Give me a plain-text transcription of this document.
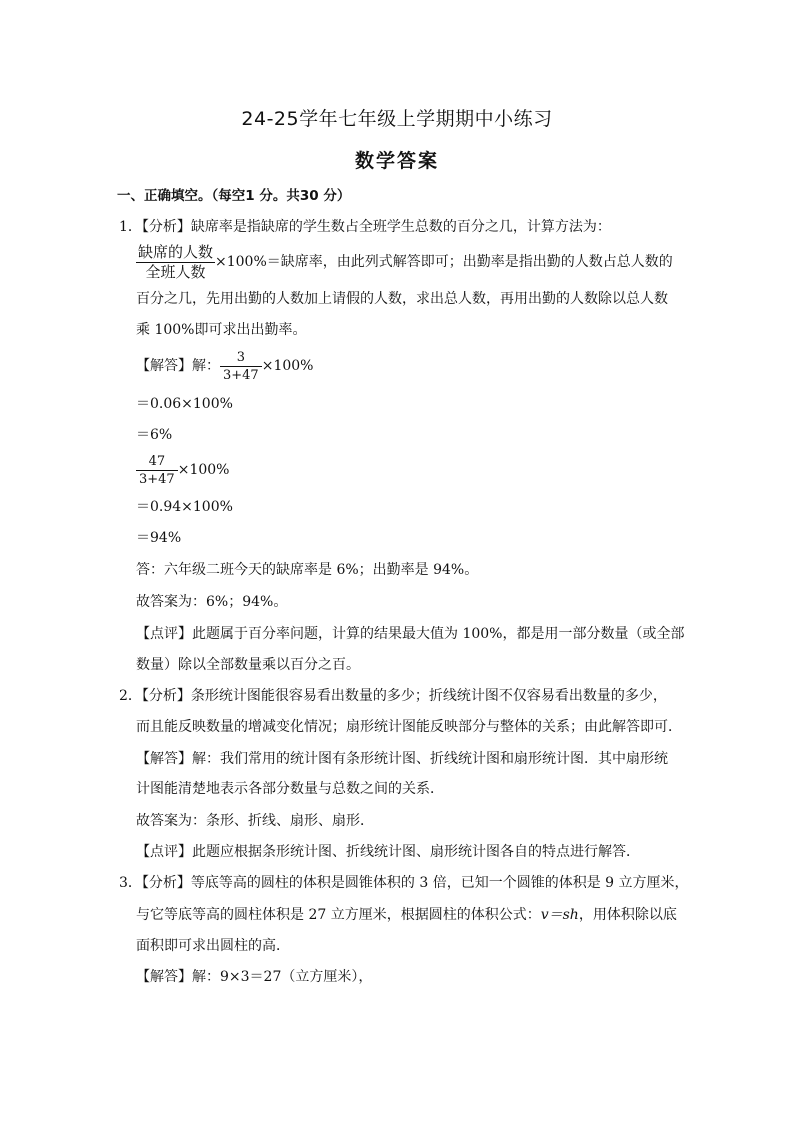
24-25学年七年级上学期期中小练习
数学答案
一、正确填空。（每空1 分。共30 分）
1．【分析】缺席率是指缺席的学生数占全班学生总数的百分之几，计算方法为：
$\frac{\text{缺席的人数}}{\text{全班人数}} \times 100\%=$缺席率，由此列式解答即可；出勤率是指出勤的人数占总人数的
百分之几，先用出勤的人数加上请假的人数，求出总人数，再用出勤的人数除以总人数
乘 100%即可求出出勤率。
【解答】解： $\frac{3}{3+47} \times 100\%$
＝0.06×100%
＝6%
$\frac{47}{3+47} \times 100\%$
＝0.94×100%
＝94%
答：六年级二班今天的缺席率是 6%；出勤率是 94%。
故答案为：6%；94%。
【点评】此题属于百分率问题，计算的结果最大值为 100%，都是用一部分数量（或全部
数量）除以全部数量乘以百分之百。
2．【分析】条形统计图能很容易看出数量的多少；折线统计图不仅容易看出数量的多少，
而且能反映数量的增减变化情况；扇形统计图能反映部分与整体的关系；由此解答即可．
【解答】解：我们常用的统计图有条形统计图、折线统计图和扇形统计图．其中扇形统
计图能清楚地表示各部分数量与总数之间的关系．
故答案为：条形、折线、扇形、扇形．
【点评】此题应根据条形统计图、折线统计图、扇形统计图各自的特点进行解答．
3．【分析】等底等高的圆柱的体积是圆锥体积的 3 倍，已知一个圆锥的体积是 9 立方厘米，
与它等底等高的圆柱体积是 27 立方厘米，根据圆柱的体积公式：v＝sh，用体积除以底
面积即可求出圆柱的高．
【解答】解：9×3＝27（立方厘米），
